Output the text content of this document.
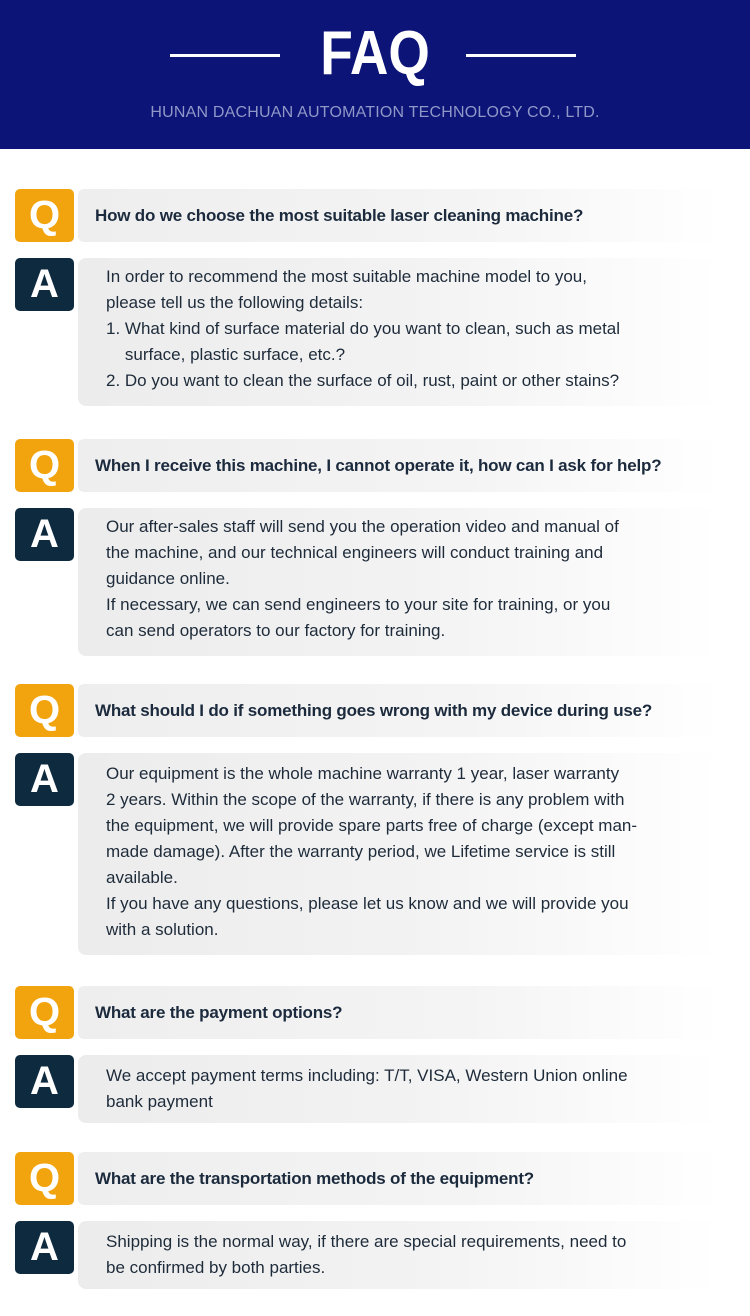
FAQ
HUNAN DACHUAN AUTOMATION TECHNOLOGY CO., LTD.
Q	How do we choose the most suitable laser cleaning machine?
A	In order to recommend the most suitable machine model to you,
please tell us the following details:
1. What kind of surface material do you want to clean, such as metal
surface, plastic surface, etc.?
2. Do you want to clean the surface of oil, rust, paint or other stains?
Q	When I receive this machine, I cannot operate it, how can I ask for help?
A	Our after-sales staff will send you the operation video and manual of
the machine, and our technical engineers will conduct training and
guidance online.
If necessary, we can send engineers to your site for training, or you
can send operators to our factory for training.
Q	What should I do if something goes wrong with my device during use?
A	Our equipment is the whole machine warranty 1 year, laser warranty
2 years. Within the scope of the warranty, if there is any problem with
the equipment, we will provide spare parts free of charge (except man-
made damage). After the warranty period, we Lifetime service is still
available.
If you have any questions, please let us know and we will provide you
with a solution.
Q	What are the payment options?
A	We accept payment terms including: T/T, VISA, Western Union online
bank payment
Q	What are the transportation methods of the equipment?
A	Shipping is the normal way, if there are special requirements, need to
be confirmed by both parties.
